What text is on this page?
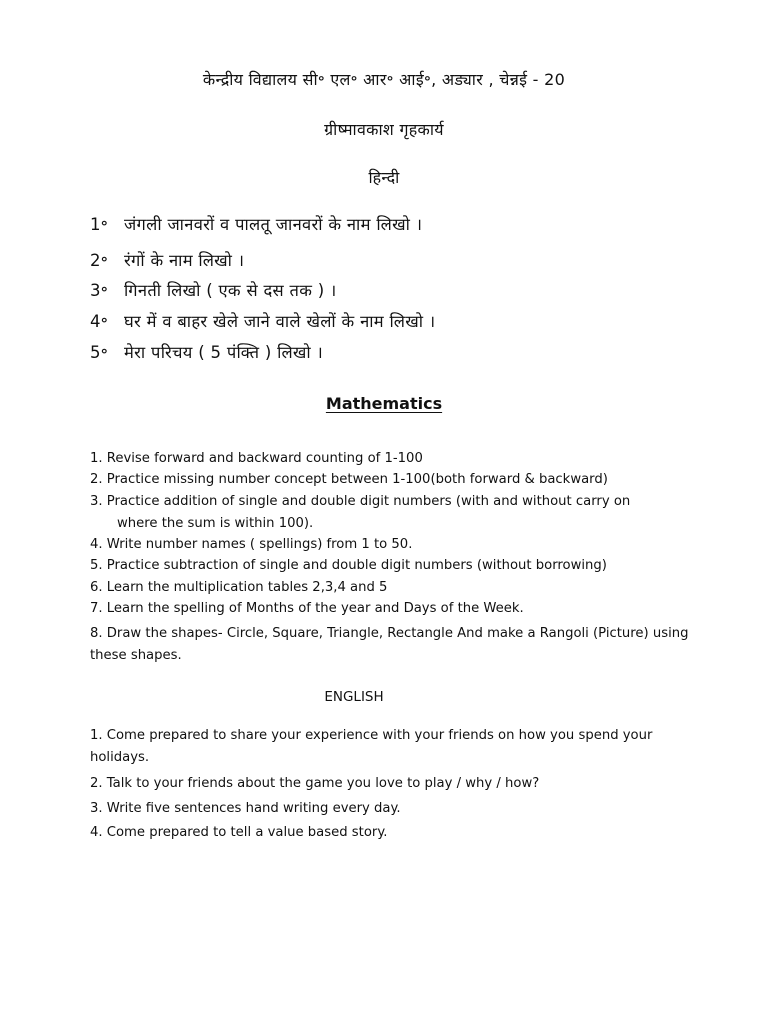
केन्द्रीय विद्यालय सी॰ एल॰ आर॰ आई॰, अड्यार , चेन्नई - 20
ग्रीष्मावकाश गृहकार्य
हिन्दी
1॰ जंगली जानवरों व पालतू जानवरों के नाम लिखो ।
2॰ रंगों के नाम लिखो ।
3॰ गिनती लिखो ( एक से दस तक ) ।
4॰ घर में व बाहर खेले जाने वाले खेलों के नाम लिखो ।
5॰ मेरा परिचय ( 5 पंक्ति ) लिखो ।
Mathematics
1. Revise forward and backward counting of 1-100
2. Practice missing number concept between 1-100(both forward & backward)
3. Practice addition of single and double digit numbers (with and without carry on
where the sum is within 100).
4. Write number names ( spellings) from 1 to 50.
5. Practice subtraction of single and double digit numbers (without borrowing)
6. Learn the multiplication tables 2,3,4 and 5
7. Learn the spelling of Months of the year and Days of the Week.
8. Draw the shapes- Circle, Square, Triangle, Rectangle And make a Rangoli (Picture) using these shapes.
ENGLISH
1. Come prepared to share your experience with your friends on how you spend your holidays.
2. Talk to your friends about the game you love to play / why / how?
3. Write five sentences hand writing every day.
4. Come prepared to tell a value based story.
